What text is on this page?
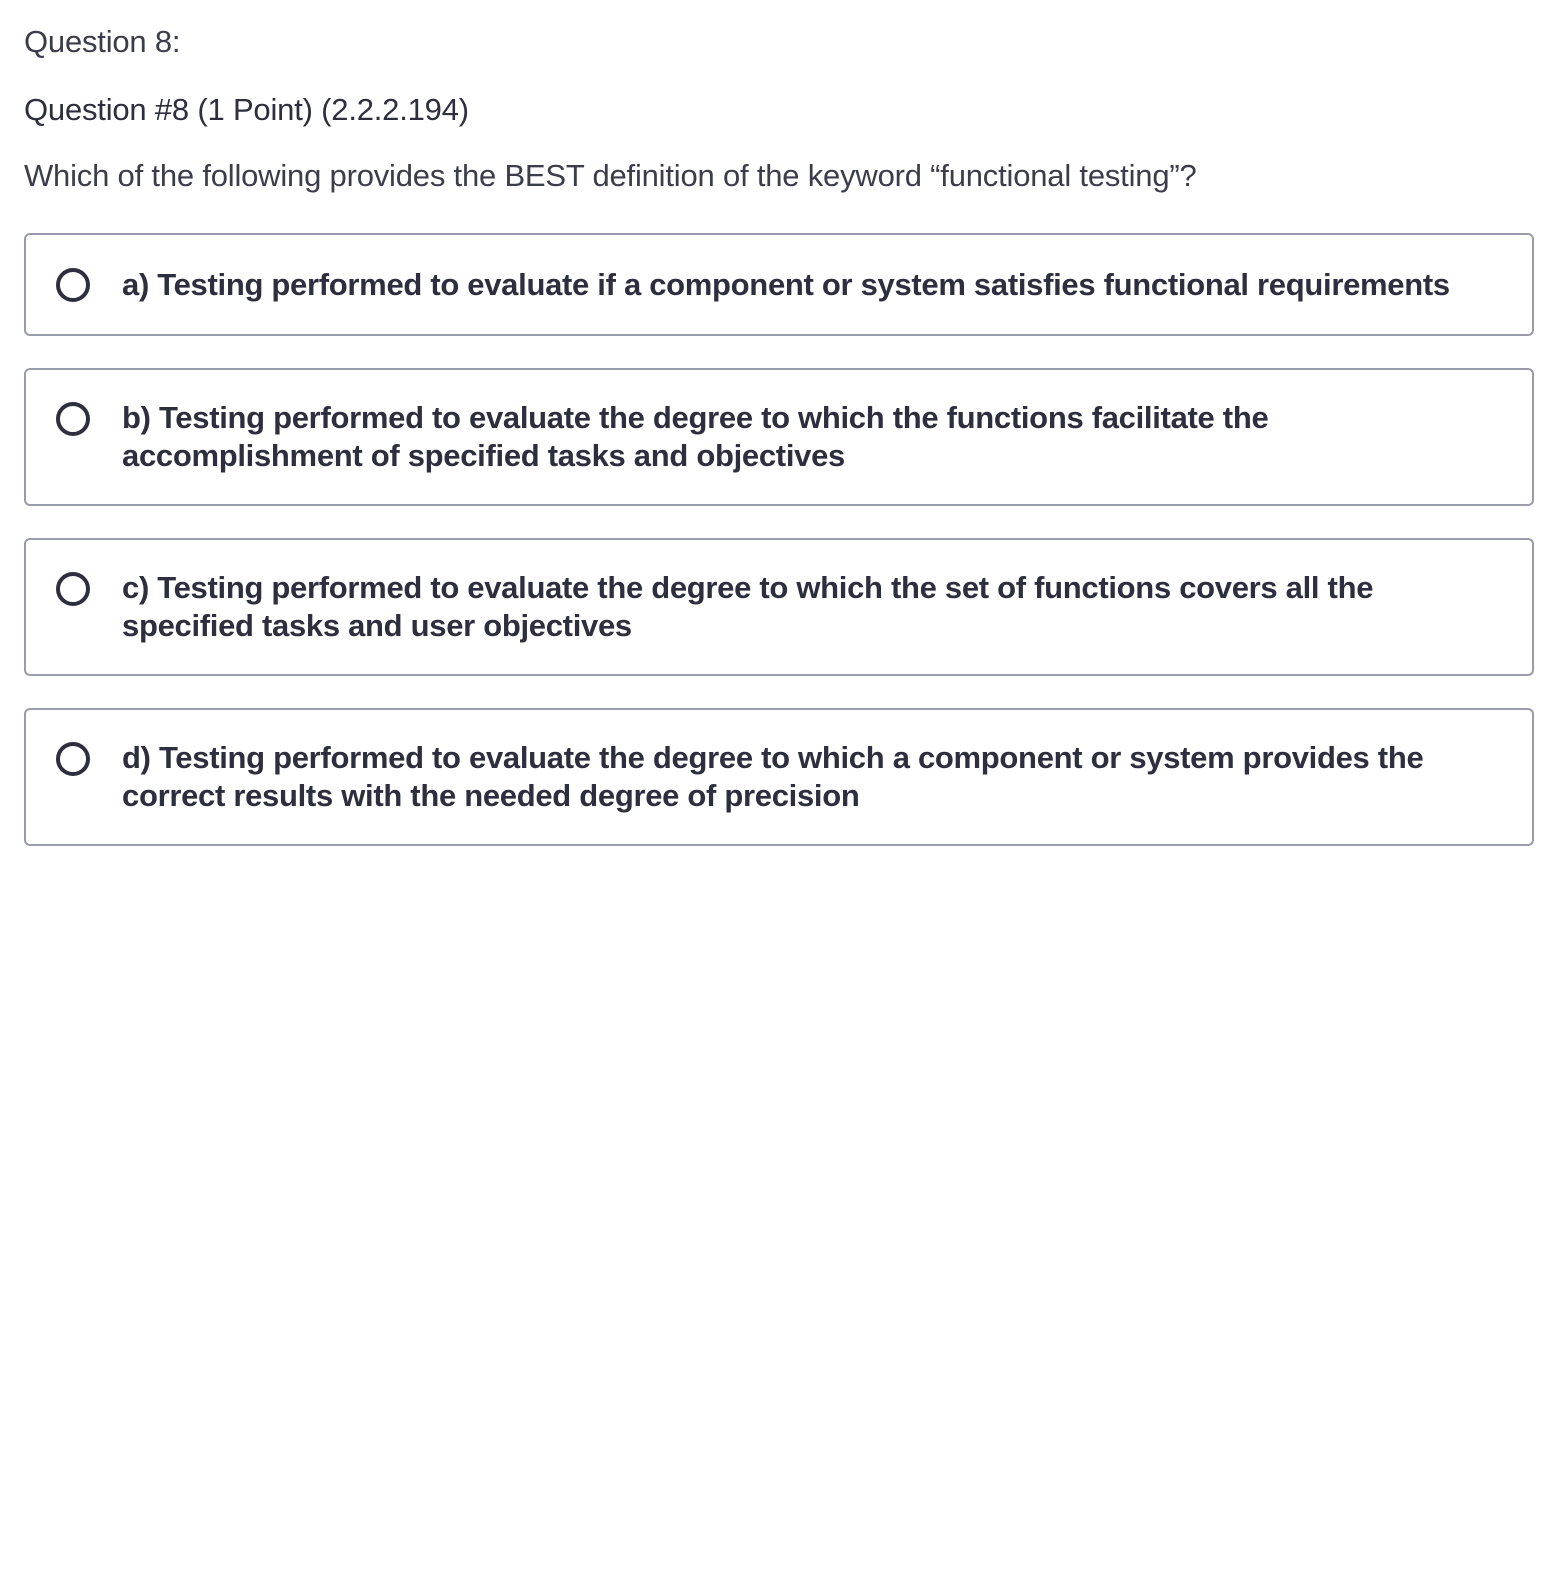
Question 8:
Question #8 (1 Point) (2.2.2.194)
Which of the following provides the BEST definition of the keyword “functional testing”?
a) Testing performed to evaluate if a component or system satisfies functional requirements
b) Testing performed to evaluate the degree to which the functions facilitate the accomplishment of specified tasks and objectives
c) Testing performed to evaluate the degree to which the set of functions covers all the specified tasks and user objectives
d) Testing performed to evaluate the degree to which a component or system provides the correct results with the needed degree of precision
